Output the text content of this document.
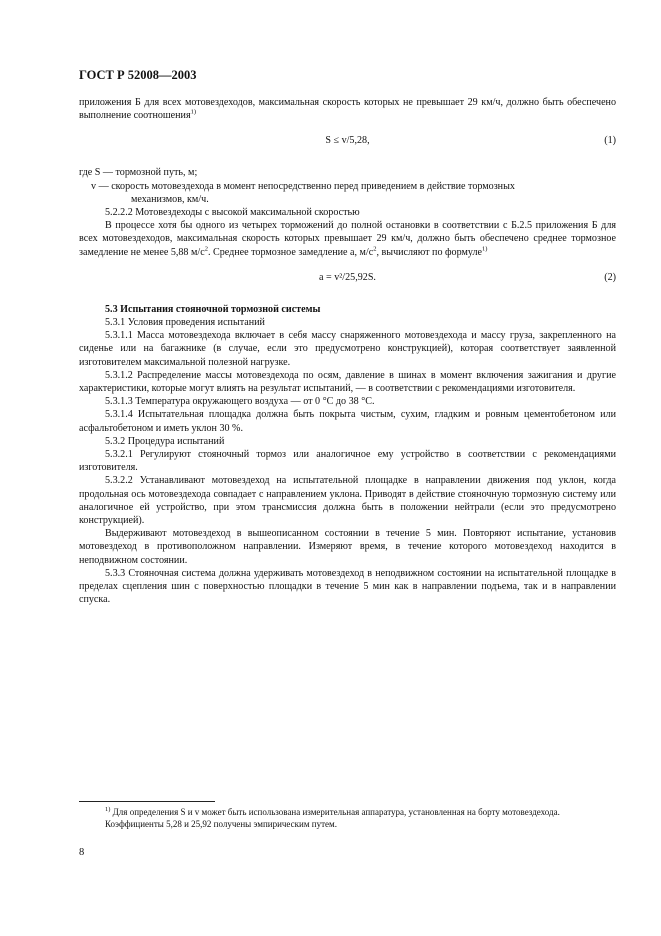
ГОСТ Р 52008—2003

приложения Б для всех мотовездеходов, максимальная скорость которых не превышает 29 км/ч, должно быть обеспечено выполнение соотношения$^{1)}$

S ≤ v/5,28,	(1)

где S — тормозной путь, м;

v — скорость мотовездехода в момент непосредственно перед приведением в действие тормозных
механизмов, км/ч.

5.2.2.2 Мотовездеходы с высокой максимальной скоростью

В процессе хотя бы одного из четырех торможений до полной остановки в соответствии с Б.2.5 приложения Б для всех мотовездеходов, максимальная скорость которых превышает 29 км/ч, должно быть обеспечено среднее тормозное замедление не менее 5,88 $м/с^2$. Среднее тормозное замедление a, $м/с^2$, вычисляют по формуле$^{1)}$

a = v²/25,92S.	(2)

5.3 Испытания стояночной тормозной системы

5.3.1 Условия проведения испытаний

5.3.1.1 Масса мотовездехода включает в себя массу снаряженного мотовездехода и массу груза, закрепленного на сиденье или на багажнике (в случае, если это предусмотрено конструкцией), которая соответствует заявленной изготовителем максимальной полезной нагрузке.

5.3.1.2 Распределение массы мотовездехода по осям, давление в шинах в момент включения зажигания и другие характеристики, которые могут влиять на результат испытаний, — в соответствии с рекомендациями изготовителя.

5.3.1.3 Температура окружающего воздуха — от 0 °С до 38 °С.

5.3.1.4 Испытательная площадка должна быть покрыта чистым, сухим, гладким и ровным цементобетоном или асфальтобетоном и иметь уклон 30 %.

5.3.2 Процедура испытаний

5.3.2.1 Регулируют стояночный тормоз или аналогичное ему устройство в соответствии с рекомендациями изготовителя.

5.3.2.2 Устанавливают мотовездеход на испытательной площадке в направлении движения под уклон, когда продольная ось мотовездехода совпадает с направлением уклона. Приводят в действие стояночную тормозную систему или аналогичное ей устройство, при этом трансмиссия должна быть в положении нейтрали (если это предусмотрено конструкцией).

Выдерживают мотовездеход в вышеописанном состоянии в течение 5 мин. Повторяют испытание, установив мотовездеход в противоположном направлении. Измеряют время, в течение которого мотовездеход находится в неподвижном состоянии.

5.3.3 Стояночная система должна удерживать мотовездеход в неподвижном состоянии на испытательной площадке в пределах сцепления шин с поверхностью площадки в течение 5 мин как в направлении подъема, так и в направлении спуска.

$^{1)}$ Для определения S и v может быть использована измерительная аппаратура, установленная на борту мотовездехода.

Коэффициенты 5,28 и 25,92 получены эмпирическим путем.

8
